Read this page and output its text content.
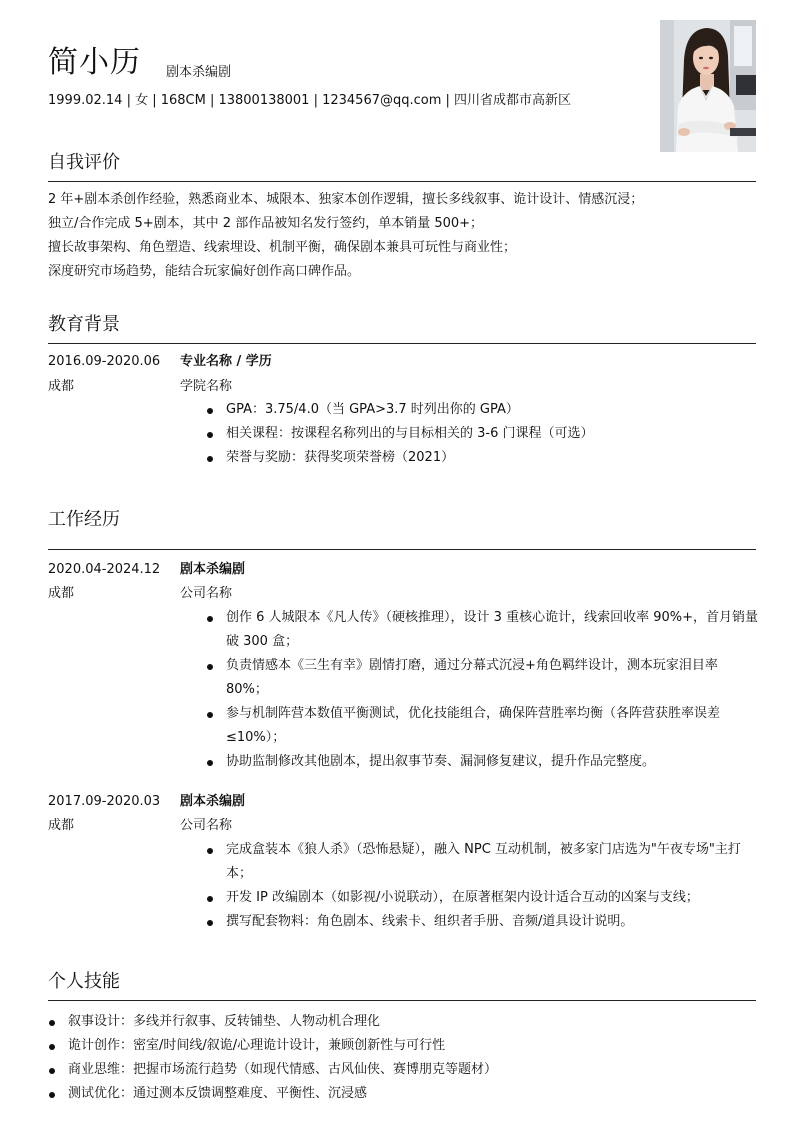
简小历 剧本杀编剧
1999.02.14 | 女 | 168CM | 13800138001 | 1234567@qq.com | 四川省成都市高新区
自我评价
2 年+剧本杀创作经验，熟悉商业本、城限本、独家本创作逻辑，擅长多线叙事、诡计设计、情感沉浸；
独立/合作完成 5+剧本，其中 2 部作品被知名发行签约，单本销量 500+；
擅长故事架构、角色塑造、线索埋设、机制平衡，确保剧本兼具可玩性与商业性；
深度研究市场趋势，能结合玩家偏好创作高口碑作品。
教育背景
2016.09-2020.06
成都
专业名称 / 学历
学院名称
GPA：3.75/4.0（当 GPA>3.7 时列出你的 GPA）
相关课程：按课程名称列出的与目标相关的 3-6 门课程（可选）
荣誉与奖励：获得奖项荣誉榜（2021）
工作经历
2020.04-2024.12
成都
剧本杀编剧
公司名称
创作 6 人城限本《凡人传》（硬核推理），设计 3 重核心诡计，线索回收率 90%+，首月销量破 300 盒；
负责情感本《三生有幸》剧情打磨，通过分幕式沉浸+角色羁绊设计，测本玩家泪目率 80%；
参与机制阵营本数值平衡测试，优化技能组合，确保阵营胜率均衡（各阵营获胜率误差≤10%）；
协助监制修改其他剧本，提出叙事节奏、漏洞修复建议，提升作品完整度。
2017.09-2020.03
成都
剧本杀编剧
公司名称
完成盒装本《狼人杀》（恐怖悬疑），融入 NPC 互动机制，被多家门店选为"午夜专场"主打本；
开发 IP 改编剧本（如影视/小说联动），在原著框架内设计适合互动的凶案与支线；
撰写配套物料：角色剧本、线索卡、组织者手册、音频/道具设计说明。
个人技能
叙事设计：多线并行叙事、反转铺垫、人物动机合理化
诡计创作：密室/时间线/叙诡/心理诡计设计，兼顾创新性与可行性
商业思维：把握市场流行趋势（如现代情感、古风仙侠、赛博朋克等题材）
测试优化：通过测本反馈调整难度、平衡性、沉浸感
